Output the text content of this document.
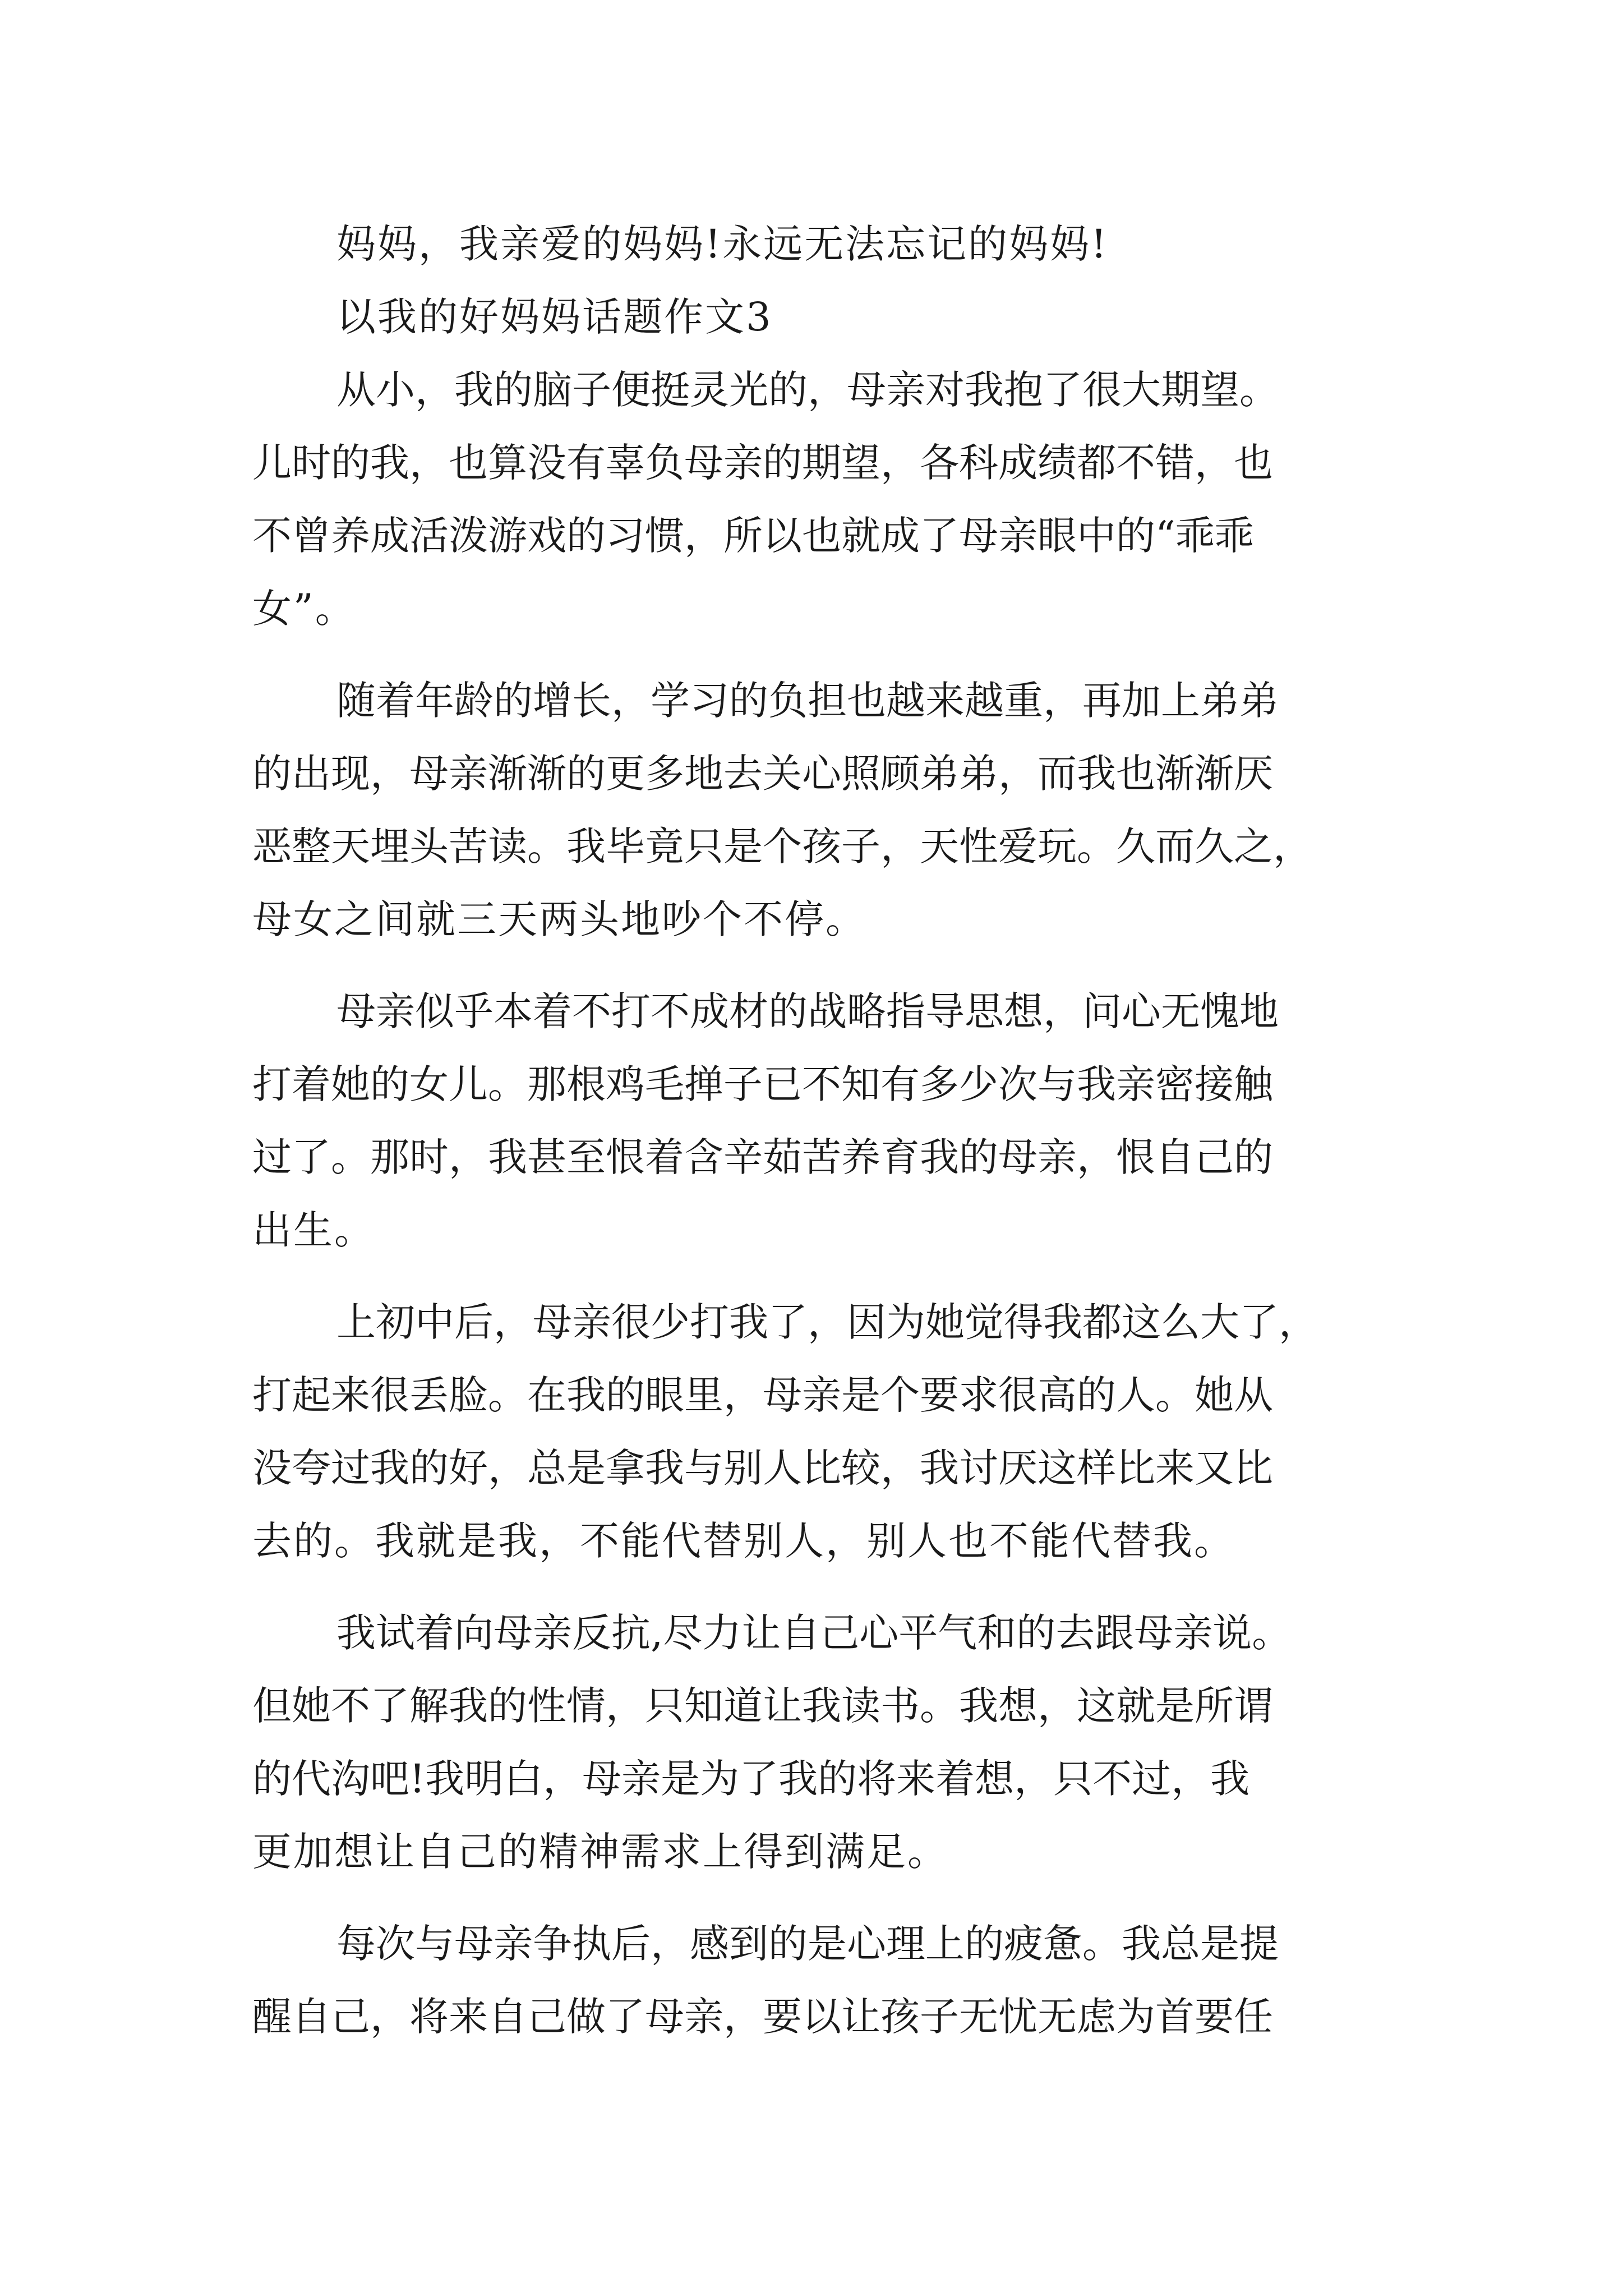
妈妈，我亲爱的妈妈!永远无法忘记的妈妈!
以我的好妈妈话题作文3
从小，我的脑子便挺灵光的，母亲对我抱了很大期望。
儿时的我，也算没有辜负母亲的期望，各科成绩都不错，也
不曾养成活泼游戏的习惯，所以也就成了母亲眼中的“乖乖
女”。
随着年龄的增长，学习的负担也越来越重，再加上弟弟
的出现，母亲渐渐的更多地去关心照顾弟弟，而我也渐渐厌
恶整天埋头苦读。我毕竟只是个孩子，天性爱玩。久而久之，
母女之间就三天两头地吵个不停。
母亲似乎本着不打不成材的战略指导思想，问心无愧地
打着她的女儿。那根鸡毛掸子已不知有多少次与我亲密接触
过了。那时，我甚至恨着含辛茹苦养育我的母亲，恨自己的
出生。
上初中后，母亲很少打我了，因为她觉得我都这么大了，
打起来很丢脸。在我的眼里，母亲是个要求很高的人。她从
没夸过我的好，总是拿我与别人比较，我讨厌这样比来又比
去的。我就是我，不能代替别人，别人也不能代替我。
我试着向母亲反抗,尽力让自己心平气和的去跟母亲说。
但她不了解我的性情，只知道让我读书。我想，这就是所谓
的代沟吧!我明白，母亲是为了我的将来着想，只不过，我
更加想让自己的精神需求上得到满足。
每次与母亲争执后，感到的是心理上的疲惫。我总是提
醒自己，将来自己做了母亲，要以让孩子无忧无虑为首要任
